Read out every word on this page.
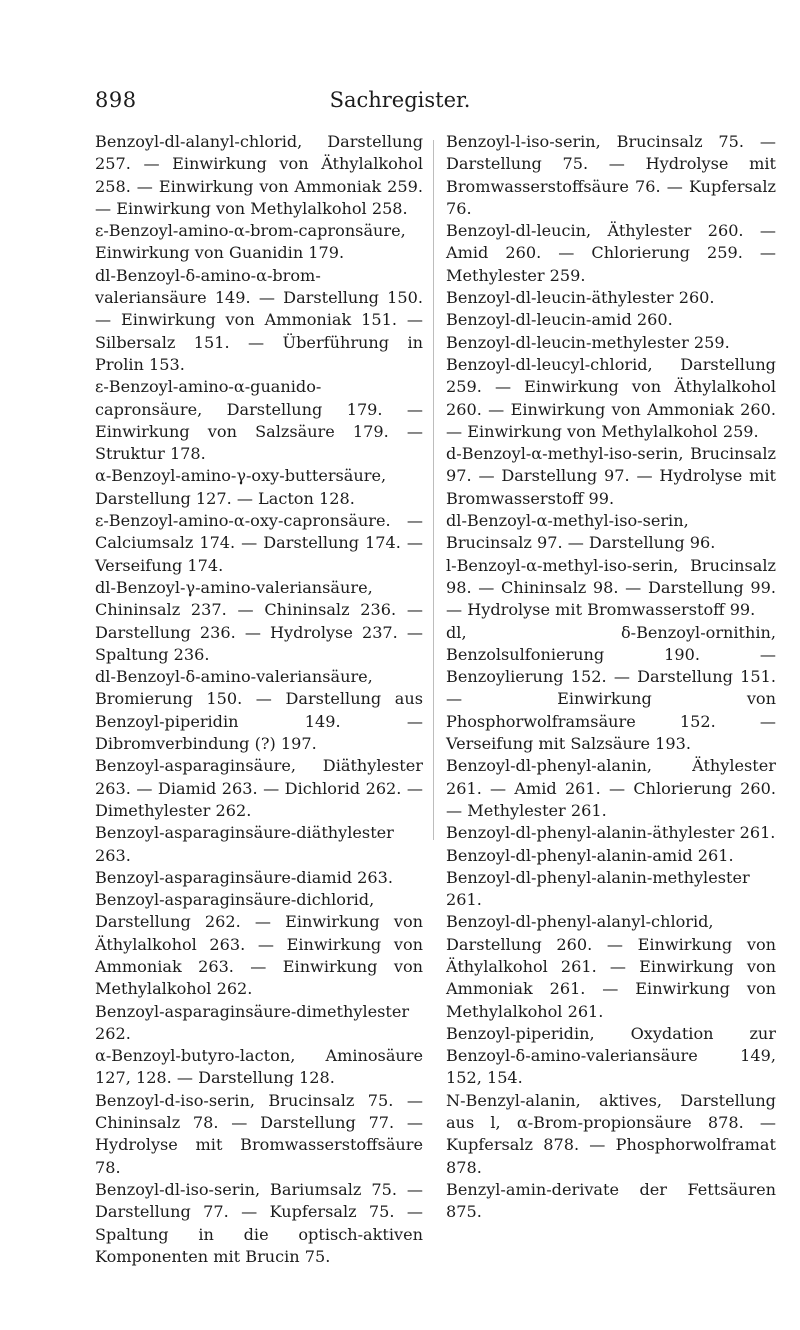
898	Sachregister.

Benzoyl-dl-alanyl-chlorid, Darstellung 257. — Einwirkung von Äthylalkohol 258. — Einwirkung von Ammoniak 259. — Einwirkung von Methylalkohol 258.

ε-Benzoyl-amino-α-brom-capronsäure, Einwirkung von Guanidin 179.

dl-Benzoyl-δ-amino-α-brom-valeriansäure 149. — Darstellung 150. — Einwirkung von Ammoniak 151. — Silbersalz 151. — Überführung in Prolin 153.

ε-Benzoyl-amino-α-guanido-capronsäure, Darstellung 179. — Einwirkung von Salzsäure 179. — Struktur 178.

α-Benzoyl-amino-γ-oxy-buttersäure, Darstellung 127. — Lacton 128.

ε-Benzoyl-amino-α-oxy-capronsäure. — Calciumsalz 174. — Darstellung 174. — Verseifung 174.

dl-Benzoyl-γ-amino-valeriansäure, Chininsalz 237. — Chininsalz 236. — Darstellung 236. — Hydrolyse 237. — Spaltung 236.

dl-Benzoyl-δ-amino-valeriansäure, Bromierung 150. — Darstellung aus Benzoyl-piperidin 149. — Dibromverbindung (?) 197.

Benzoyl-asparaginsäure, Diäthylester 263. — Diamid 263. — Dichlorid 262. — Dimethylester 262.

Benzoyl-asparaginsäure-diäthylester 263.

Benzoyl-asparaginsäure-diamid 263.

Benzoyl-asparaginsäure-dichlorid, Darstellung 262. — Einwirkung von Äthylalkohol 263. — Einwirkung von Ammoniak 263. — Einwirkung von Methylalkohol 262.

Benzoyl-asparaginsäure-dimethylester 262.

α-Benzoyl-butyro-lacton, Aminosäure 127, 128. — Darstellung 128.

Benzoyl-d-iso-serin, Brucinsalz 75. — Chininsalz 78. — Darstellung 77. — Hydrolyse mit Bromwasserstoffsäure 78.

Benzoyl-dl-iso-serin, Bariumsalz 75. — Darstellung 77. — Kupfersalz 75. — Spaltung in die optisch-aktiven Komponenten mit Brucin 75.

Benzoyl-l-iso-serin, Brucinsalz 75. — Darstellung 75. — Hydrolyse mit Bromwasserstoffsäure 76. — Kupfersalz 76.

Benzoyl-dl-leucin, Äthylester 260. — Amid 260. — Chlorierung 259. — Methylester 259.

Benzoyl-dl-leucin-äthylester 260.

Benzoyl-dl-leucin-amid 260.

Benzoyl-dl-leucin-methylester 259.

Benzoyl-dl-leucyl-chlorid, Darstellung 259. — Einwirkung von Äthylalkohol 260. — Einwirkung von Ammoniak 260. — Einwirkung von Methylalkohol 259.

d-Benzoyl-α-methyl-iso-serin, Brucinsalz 97. — Darstellung 97. — Hydrolyse mit Bromwasserstoff 99.

dl-Benzoyl-α-methyl-iso-serin, Brucinsalz 97. — Darstellung 96.

l-Benzoyl-α-methyl-iso-serin, Brucinsalz 98. — Chininsalz 98. — Darstellung 99. — Hydrolyse mit Bromwasserstoff 99.

dl, δ-Benzoyl-ornithin, Benzolsulfonierung 190. — Benzoylierung 152. — Darstellung 151. — Einwirkung von Phosphorwolframsäure 152. — Verseifung mit Salzsäure 193.

Benzoyl-dl-phenyl-alanin, Äthylester 261. — Amid 261. — Chlorierung 260. — Methylester 261.

Benzoyl-dl-phenyl-alanin-äthylester 261.

Benzoyl-dl-phenyl-alanin-amid 261.

Benzoyl-dl-phenyl-alanin-methylester 261.

Benzoyl-dl-phenyl-alanyl-chlorid, Darstellung 260. — Einwirkung von Äthylalkohol 261. — Einwirkung von Ammoniak 261. — Einwirkung von Methylalkohol 261.

Benzoyl-piperidin, Oxydation zur Benzoyl-δ-amino-valeriansäure 149, 152, 154.

N-Benzyl-alanin, aktives, Darstellung aus l, α-Brom-propionsäure 878. — Kupfersalz 878. — Phosphorwolframat 878.

Benzyl-amin-derivate der Fettsäuren 875.
